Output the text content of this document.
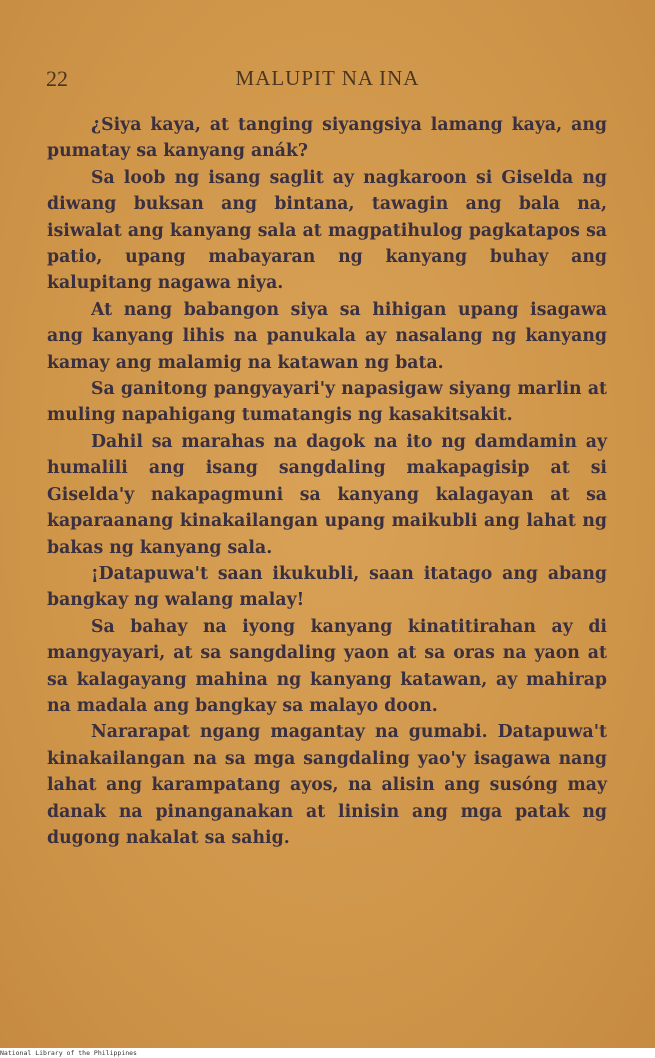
22	MALUPIT NA INA

¿Siya kaya, at tanging siyangsiya lamang kaya, ang pumatay sa kanyang anák?

Sa loob ng isang saglit ay nagkaroon si Giselda ng diwang buksan ang bintana, tawagin ang bala na, isiwalat ang kanyang sala at magpatihulog pagkatapos sa patio, upang mabayaran ng kanyang buhay ang kalupitang nagawa niya.

At nang babangon siya sa hihigan upang isagawa ang kanyang lihis na panukala ay nasalang ng kanyang kamay ang malamig na katawan ng bata.

Sa ganitong pangyayari'y napasigaw siyang marlin at muling napahigang tumatangis ng kasakitsakit.

Dahil sa marahas na dagok na ito ng damdamin ay humalili ang isang sangdaling makapagisip at si Giselda'y nakapagmuni sa kanyang kalagayan at sa kaparaanang kinakailangan upang maikubli ang lahat ng bakas ng kanyang sala.

¡Datapuwa't saan ikukubli, saan itatago ang abang bangkay ng walang malay!

Sa bahay na iyong kanyang kinatitirahan ay di mangyayari, at sa sangdaling yaon at sa oras na yaon at sa kalagayang mahina ng kanyang katawan, ay mahirap na madala ang bangkay sa malayo doon.

Nararapat ngang magantay na gumabi. Datapuwa't kinakailangan na sa mga sangdaling yao'y isagawa nang lahat ang karampatang ayos, na alisin ang susóng may danak na pinanganakan at linisin ang mga patak ng dugong nakalat sa sahig.

National Library of the Philippines
